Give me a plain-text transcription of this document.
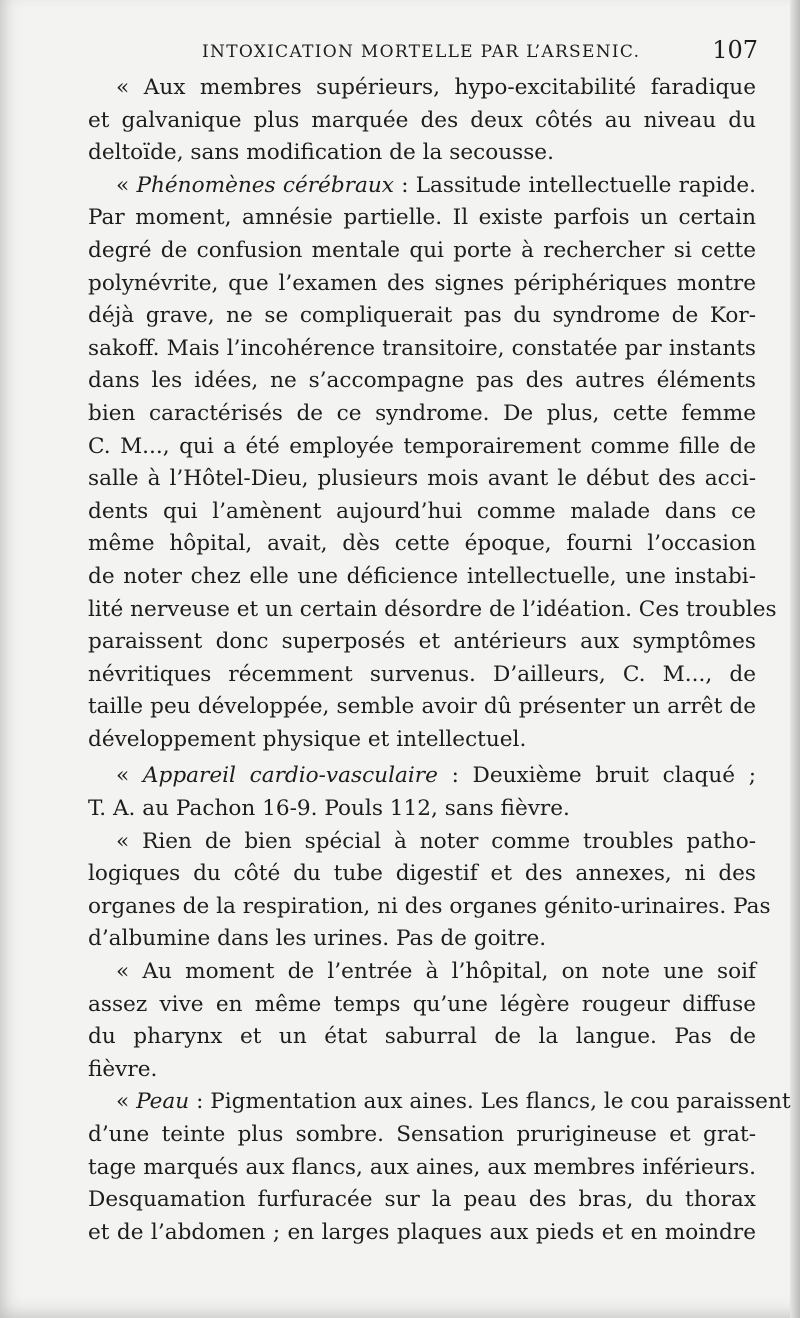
INTOXICATION MORTELLE PAR L’ARSENIC.	107
« Aux membres supérieurs, hypo-excitabilité faradique
et galvanique plus marquée des deux côtés au niveau du
deltoïde, sans modification de la secousse.
« Phénomènes cérébraux : Lassitude intellectuelle rapide.
Par moment, amnésie partielle. Il existe parfois un certain
degré de confusion mentale qui porte à rechercher si cette
polynévrite, que l’examen des signes périphériques montre
déjà grave, ne se compliquerait pas du syndrome de Kor-
sakoff. Mais l’incohérence transitoire, constatée par instants
dans les idées, ne s’accompagne pas des autres éléments
bien caractérisés de ce syndrome. De plus, cette femme
C. M..., qui a été employée temporairement comme fille de
salle à l’Hôtel-Dieu, plusieurs mois avant le début des acci-
dents qui l’amènent aujourd’hui comme malade dans ce
même hôpital, avait, dès cette époque, fourni l’occasion
de noter chez elle une déficience intellectuelle, une instabi-
lité nerveuse et un certain désordre de l’idéation. Ces troubles
paraissent donc superposés et antérieurs aux symptômes
névritiques récemment survenus. D’ailleurs, C. M..., de
taille peu développée, semble avoir dû présenter un arrêt de
développement physique et intellectuel.
« Appareil cardio-vasculaire : Deuxième bruit claqué ;
T. A. au Pachon 16-9. Pouls 112, sans fièvre.
« Rien de bien spécial à noter comme troubles patho-
logiques du côté du tube digestif et des annexes, ni des
organes de la respiration, ni des organes génito-urinaires. Pas
d’albumine dans les urines. Pas de goitre.
« Au moment de l’entrée à l’hôpital, on note une soif
assez vive en même temps qu’une légère rougeur diffuse
du pharynx et un état saburral de la langue. Pas de
fièvre.
« Peau : Pigmentation aux aines. Les flancs, le cou paraissent
d’une teinte plus sombre. Sensation prurigineuse et grat-
tage marqués aux flancs, aux aines, aux membres inférieurs.
Desquamation furfuracée sur la peau des bras, du thorax
et de l’abdomen ; en larges plaques aux pieds et en moindre
